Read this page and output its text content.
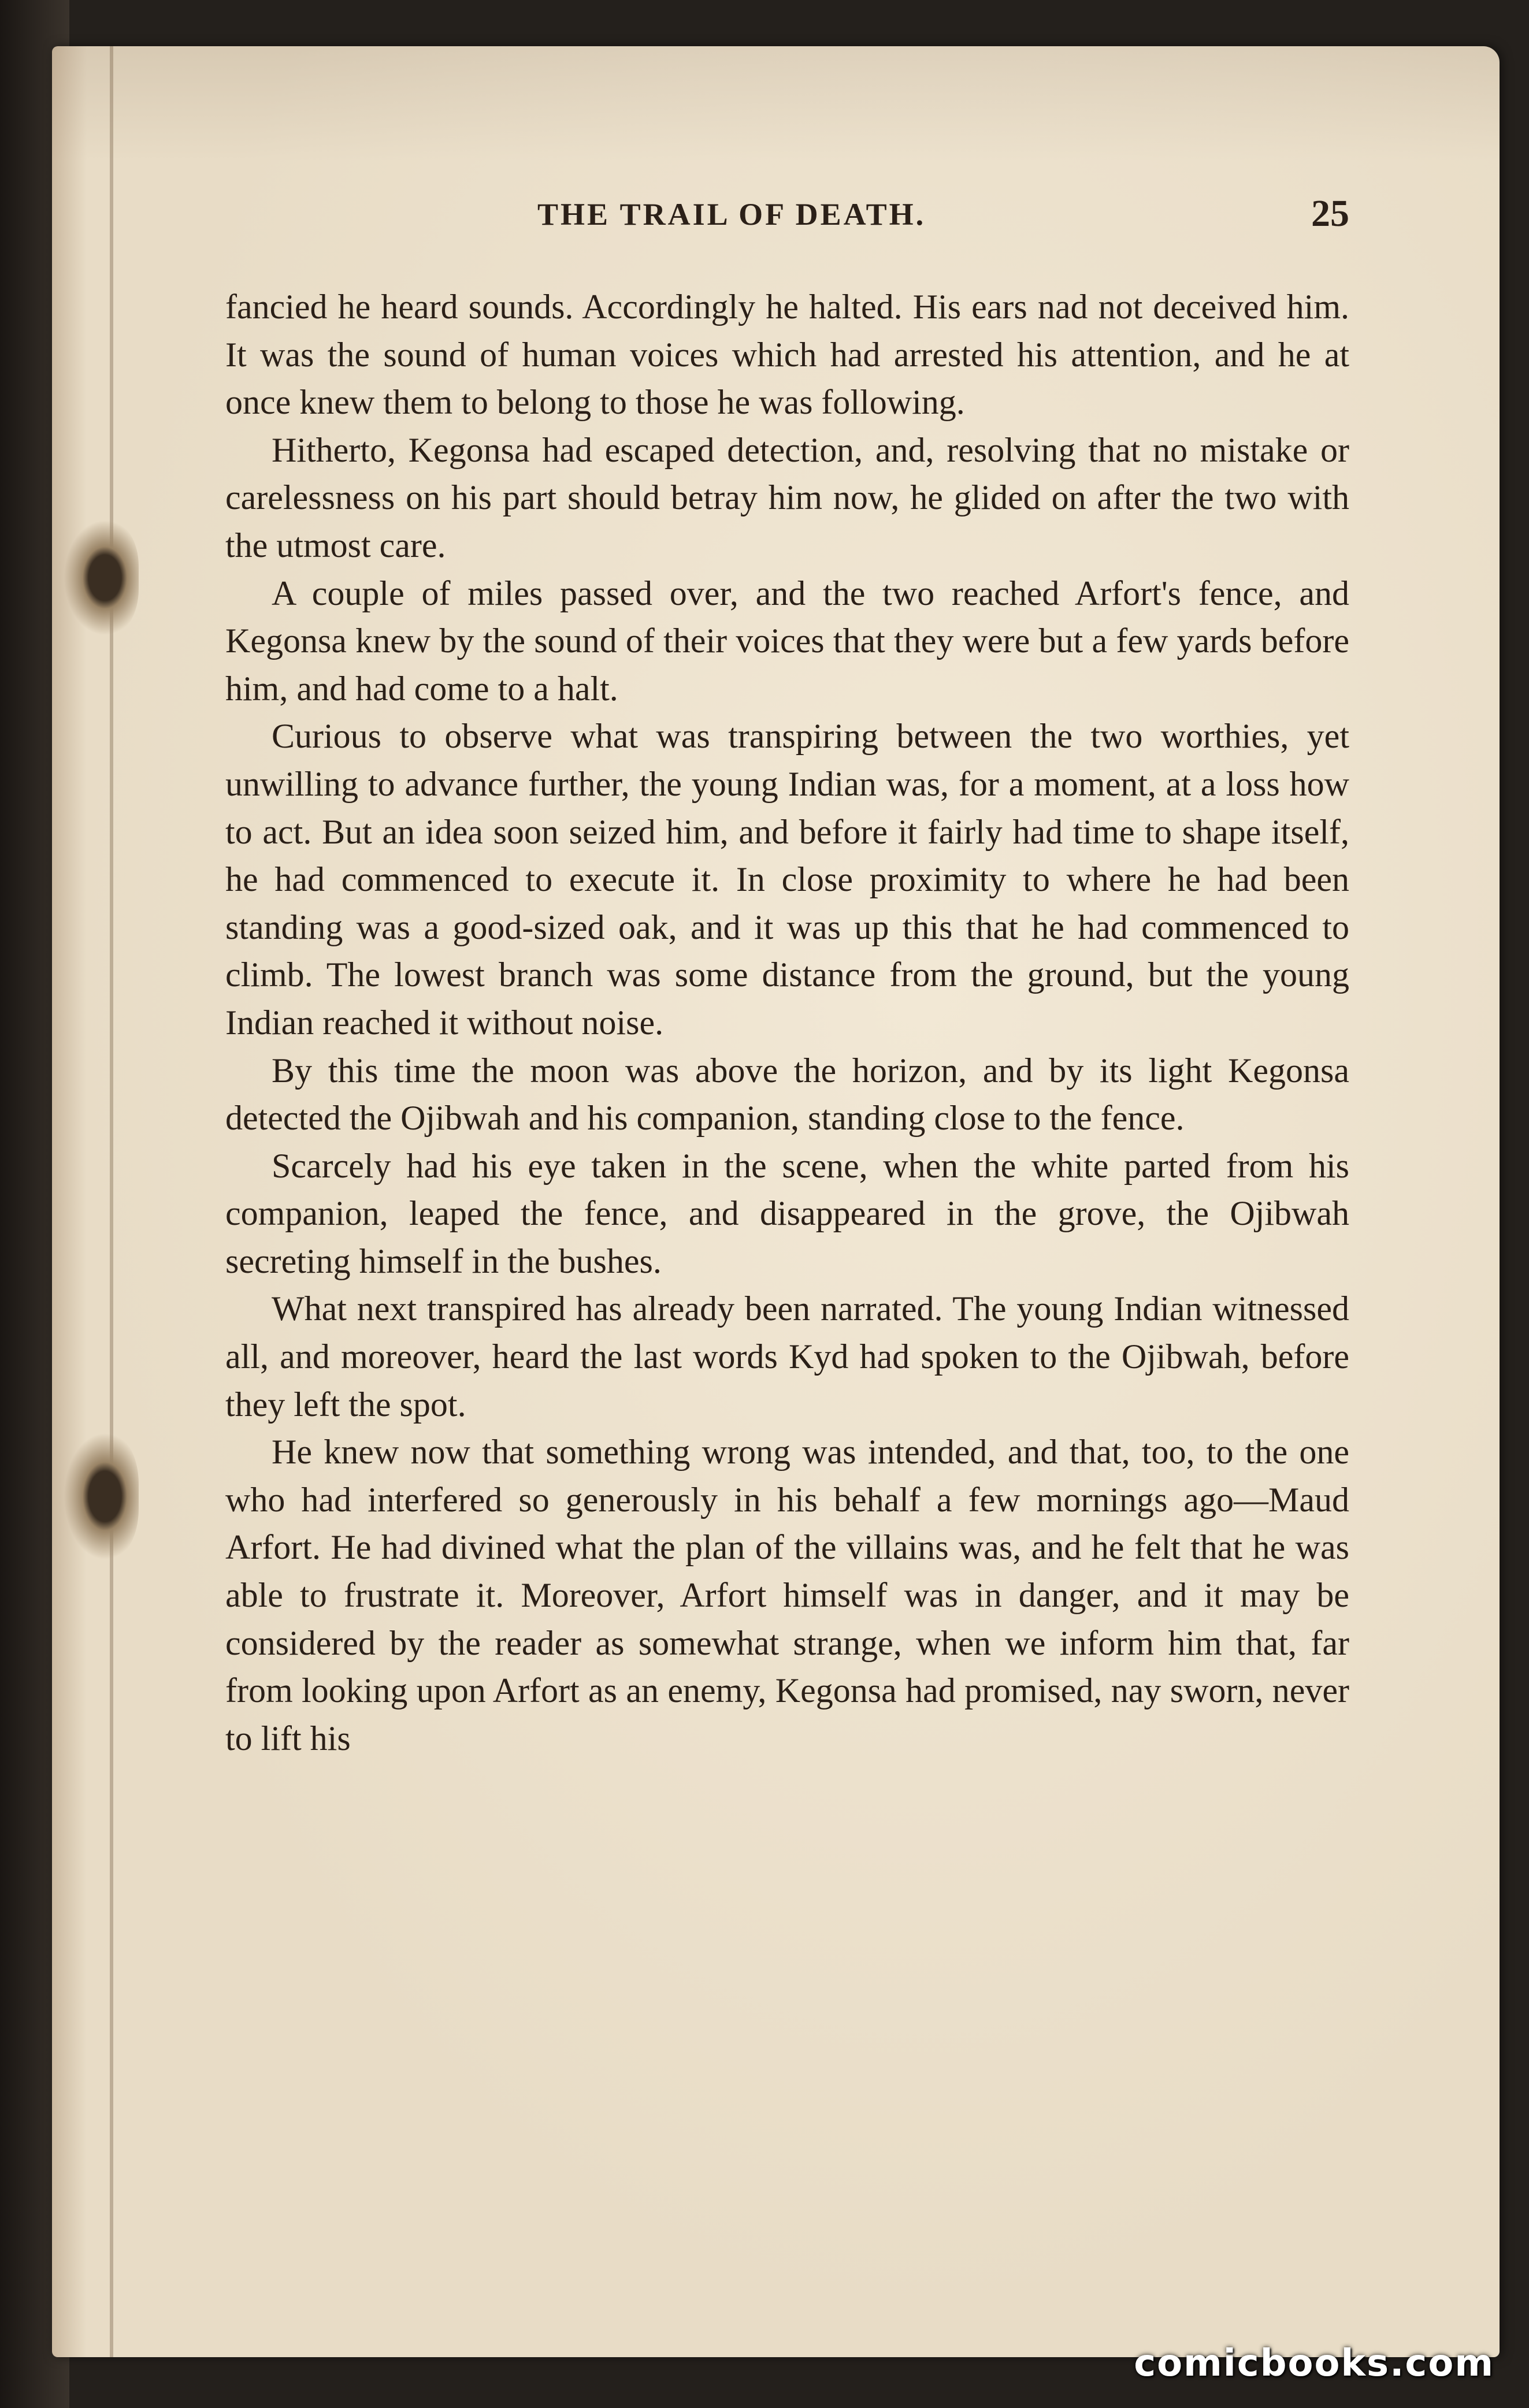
THE TRAIL OF DEATH.	25

fancied he heard sounds. Accordingly he halted. His ears nad not deceived him. It was the sound of human voices which had arrested his attention, and he at once knew them to belong to those he was following.

Hitherto, Kegonsa had escaped detection, and, resolving that no mistake or carelessness on his part should betray him now, he glided on after the two with the utmost care.

A couple of miles passed over, and the two reached Arfort's fence, and Kegonsa knew by the sound of their voices that they were but a few yards before him, and had come to a halt.

Curious to observe what was transpiring between the two worthies, yet unwilling to advance further, the young Indian was, for a moment, at a loss how to act. But an idea soon seized him, and before it fairly had time to shape itself, he had commenced to execute it. In close proximity to where he had been standing was a good-sized oak, and it was up this that he had commenced to climb. The lowest branch was some distance from the ground, but the young Indian reached it without noise.

By this time the moon was above the horizon, and by its light Kegonsa detected the Ojibwah and his companion, standing close to the fence.

Scarcely had his eye taken in the scene, when the white parted from his companion, leaped the fence, and disappeared in the grove, the Ojibwah secreting himself in the bushes.

What next transpired has already been narrated. The young Indian witnessed all, and moreover, heard the last words Kyd had spoken to the Ojibwah, before they left the spot.

He knew now that something wrong was intended, and that, too, to the one who had interfered so generously in his behalf a few mornings ago—Maud Arfort. He had divined what the plan of the villains was, and he felt that he was able to frustrate it. Moreover, Arfort himself was in danger, and it may be considered by the reader as somewhat strange, when we inform him that, far from looking upon Arfort as an enemy, Kegonsa had promised, nay sworn, never to lift his

comicbooks.com
